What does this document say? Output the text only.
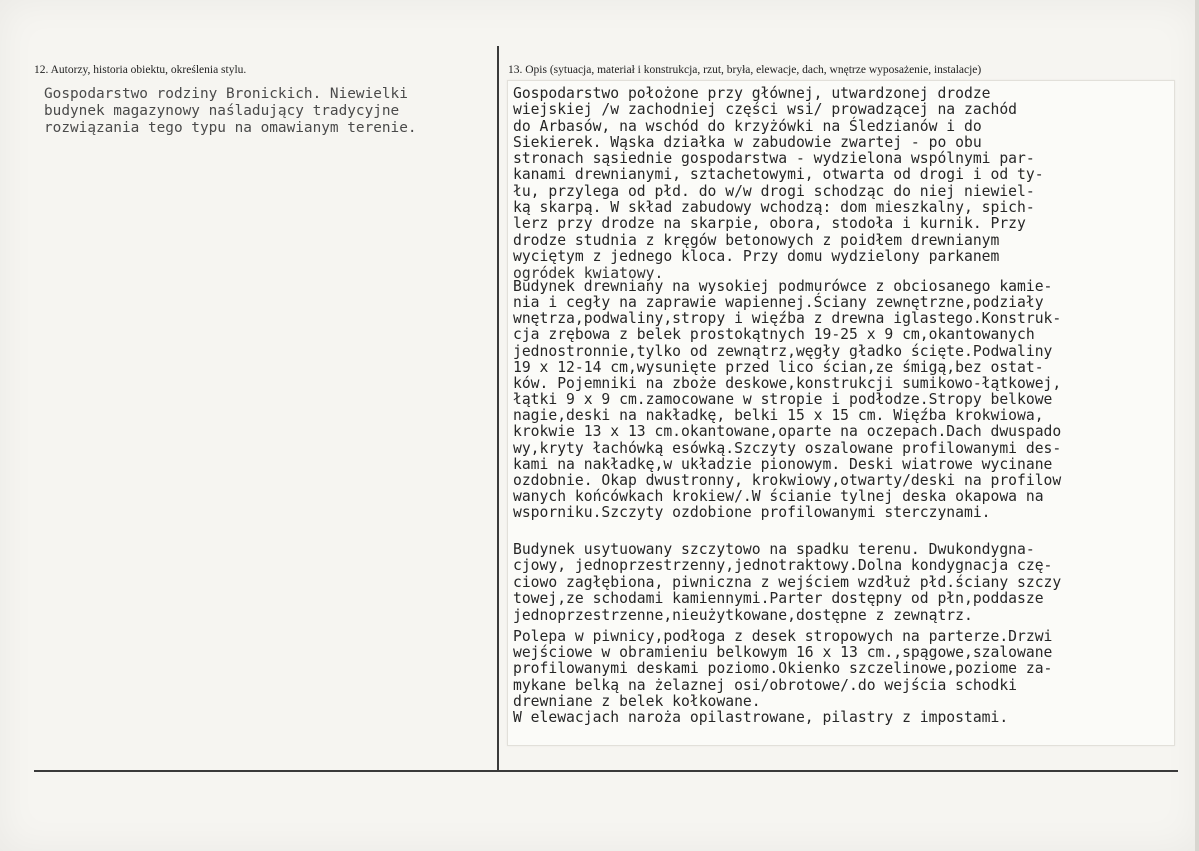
12. Autorzy, historia obiektu, określenia stylu.	13. Opis (sytuacja, materiał i konstrukcja, rzut, bryła, elewacje, dach, wnętrze wyposażenie, instalacje)
Gospodarstwo rodziny Bronickich. Niewielki
budynek magazynowy naśladujący tradycyjne
rozwiązania tego typu na omawianym terenie.
Gospodarstwo położone przy głównej, utwardzonej drodze
wiejskiej /w zachodniej części wsi/ prowadzącej na zachód
do Arbasów, na wschód do krzyżówki na Śledzianów i do
Siekierek. Wąska działka w zabudowie zwartej - po obu
stronach sąsiednie gospodarstwa - wydzielona wspólnymi par-
kanami drewnianymi, sztachetowymi, otwarta od drogi i od ty-
łu, przylega od płd. do w/w drogi schodząc do niej niewiel-
ką skarpą. W skład zabudowy wchodzą: dom mieszkalny, spich-
lerz przy drodze na skarpie, obora, stodoła i kurnik. Przy
drodze studnia z kręgów betonowych z poidłem drewnianym
wyciętym z jednego kloca. Przy domu wydzielony parkanem
ogródek kwiatowy.
Budynek drewniany na wysokiej podmurówce z obciosanego kamie-
nia i cegły na zaprawie wapiennej.Ściany zewnętrzne,podziały
wnętrza,podwaliny,stropy i więźba z drewna iglastego.Konstruk-
cja zrębowa z belek prostokątnych 19-25 x 9 cm,okantowanych
jednostronnie,tylko od zewnątrz,węgły gładko ścięte.Podwaliny
19 x 12-14 cm,wysunięte przed lico ścian,ze śmigą,bez ostat-
ków. Pojemniki na zboże deskowe,konstrukcji sumikowo-łątkowej,
łątki 9 x 9 cm.zamocowane w stropie i podłodze.Stropy belkowe
nagie,deski na nakładkę, belki 15 x 15 cm. Więźba krokwiowa,
krokwie 13 x 13 cm.okantowane,oparte na oczepach.Dach dwuspado
wy,kryty łachówką esówką.Szczyty oszalowane profilowanymi des-
kami na nakładkę,w układzie pionowym. Deski wiatrowe wycinane
ozdobnie. Okap dwustronny, krokwiowy,otwarty/deski na profilow
wanych końcówkach krokiew/.W ścianie tylnej deska okapowa na
wsporniku.Szczyty ozdobione profilowanymi sterczynami.
Budynek usytuowany szczytowo na spadku terenu. Dwukondygna-
cjowy, jednoprzestrzenny,jednotraktowy.Dolna kondygnacja czę-
ciowo zagłębiona, piwniczna z wejściem wzdłuż płd.ściany szczy
towej,ze schodami kamiennymi.Parter dostępny od płn,poddasze
jednoprzestrzenne,nieużytkowane,dostępne z zewnątrz.
Polepa w piwnicy,podłoga z desek stropowych na parterze.Drzwi
wejściowe w obramieniu belkowym 16 x 13 cm.,spągowe,szalowane
profilowanymi deskami poziomo.Okienko szczelinowe,poziome za-
mykane belką na żelaznej osi/obrotowe/.do wejścia schodki
drewniane z belek kołkowane.
W elewacjach naroża opilastrowane, pilastry z impostami.
